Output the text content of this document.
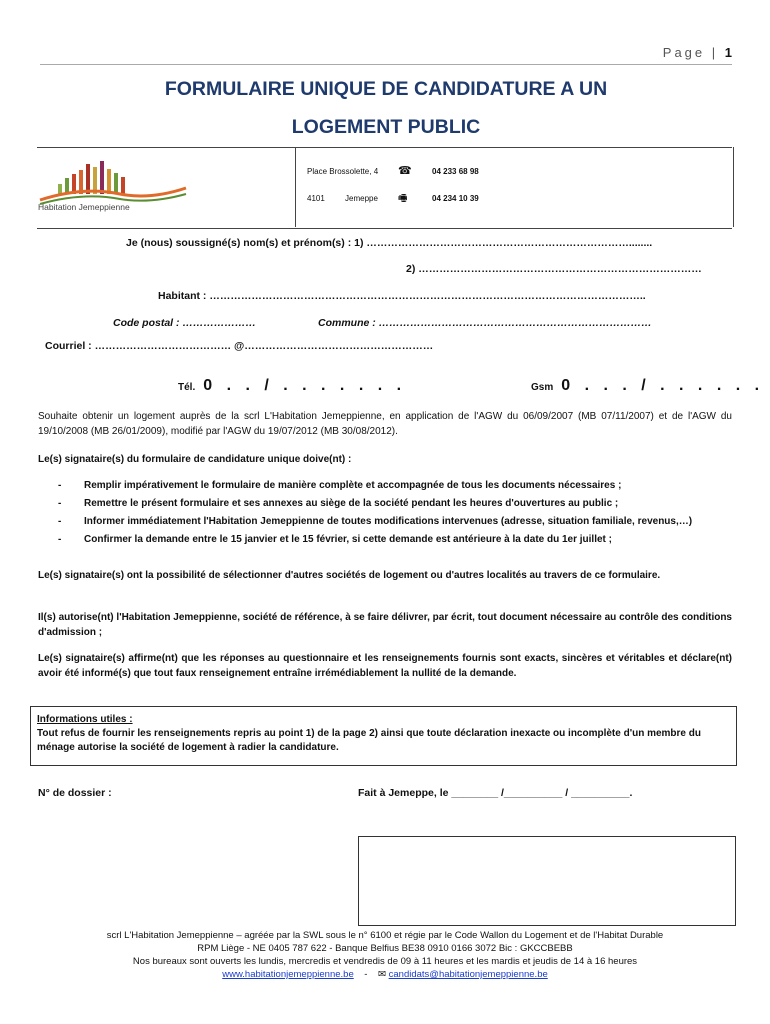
Page | 1
FORMULAIRE UNIQUE DE CANDIDATURE A UN
LOGEMENT PUBLIC
Habitation Jemeppienne
Place Brossolette, 4 ☎	04 233 68 98
4101	Jemeppe 🖷	04 234 10 39
Je (nous) soussigné(s) nom(s) et prénom(s) : 1) …………………………………………………………………........
2) ………………………………………………………………………
Habitant : ……………………………………………………………………………………………………………..
Code postal : …………………	Commune : ……………………………………………………………………
Courriel : ………………………………… @………………………………………………
Tél. 0 . . / . . . . . . .	Gsm 0 . . . / . . . . . .
Souhaite obtenir un logement auprès de la scrl L'Habitation Jemeppienne, en application de l'AGW du 06/09/2007 (MB 07/11/2007) et de l'AGW du 19/10/2008 (MB 26/01/2009), modifié par l'AGW du 19/07/2012 (MB 30/08/2012).
Le(s) signataire(s) du formulaire de candidature unique doive(nt) :
-	Remplir impérativement le formulaire de manière complète et accompagnée de tous les documents nécessaires ;
-	Remettre le présent formulaire et ses annexes au siège de la société pendant les heures d'ouvertures au public ;
-	Informer immédiatement l'Habitation Jemeppienne de toutes modifications intervenues (adresse, situation familiale, revenus,…)
-	Confirmer la demande entre le 15 janvier et le 15 février, si cette demande est antérieure à la date du 1er juillet ;
Le(s) signataire(s) ont la possibilité de sélectionner d'autres sociétés de logement ou d'autres localités au travers de ce formulaire.
Il(s) autorise(nt) l'Habitation Jemeppienne, société de référence, à se faire délivrer, par écrit, tout document nécessaire au contrôle des conditions d'admission ;
Le(s) signataire(s) affirme(nt) que les réponses au questionnaire et les renseignements fournis sont exacts, sincères et véritables et déclare(nt) avoir été informé(s) que tout faux renseignement entraîne irrémédiablement la nullité de la demande.
Informations utiles :
Tout refus de fournir les renseignements repris au point 1) de la page 2) ainsi que toute déclaration inexacte ou incomplète d'un membre du ménage autorise la société de logement à radier la candidature.
N° de dossier :	Fait à Jemeppe, le ________ /__________ / __________.
scrl L'Habitation Jemeppienne – agréée par la SWL sous le n° 6100 et régie par le Code Wallon du Logement et de l'Habitat Durable
RPM Liège - NE 0405 787 622 - Banque Belfius BE38 0910 0166 3072 Bic : GKCCBEBB
Nos bureaux sont ouverts les lundis, mercredis et vendredis de 09 à 11 heures et les mardis et jeudis de 14 à 16 heures
www.habitationjemeppienne.be - ✉ candidats@habitationjemeppienne.be
